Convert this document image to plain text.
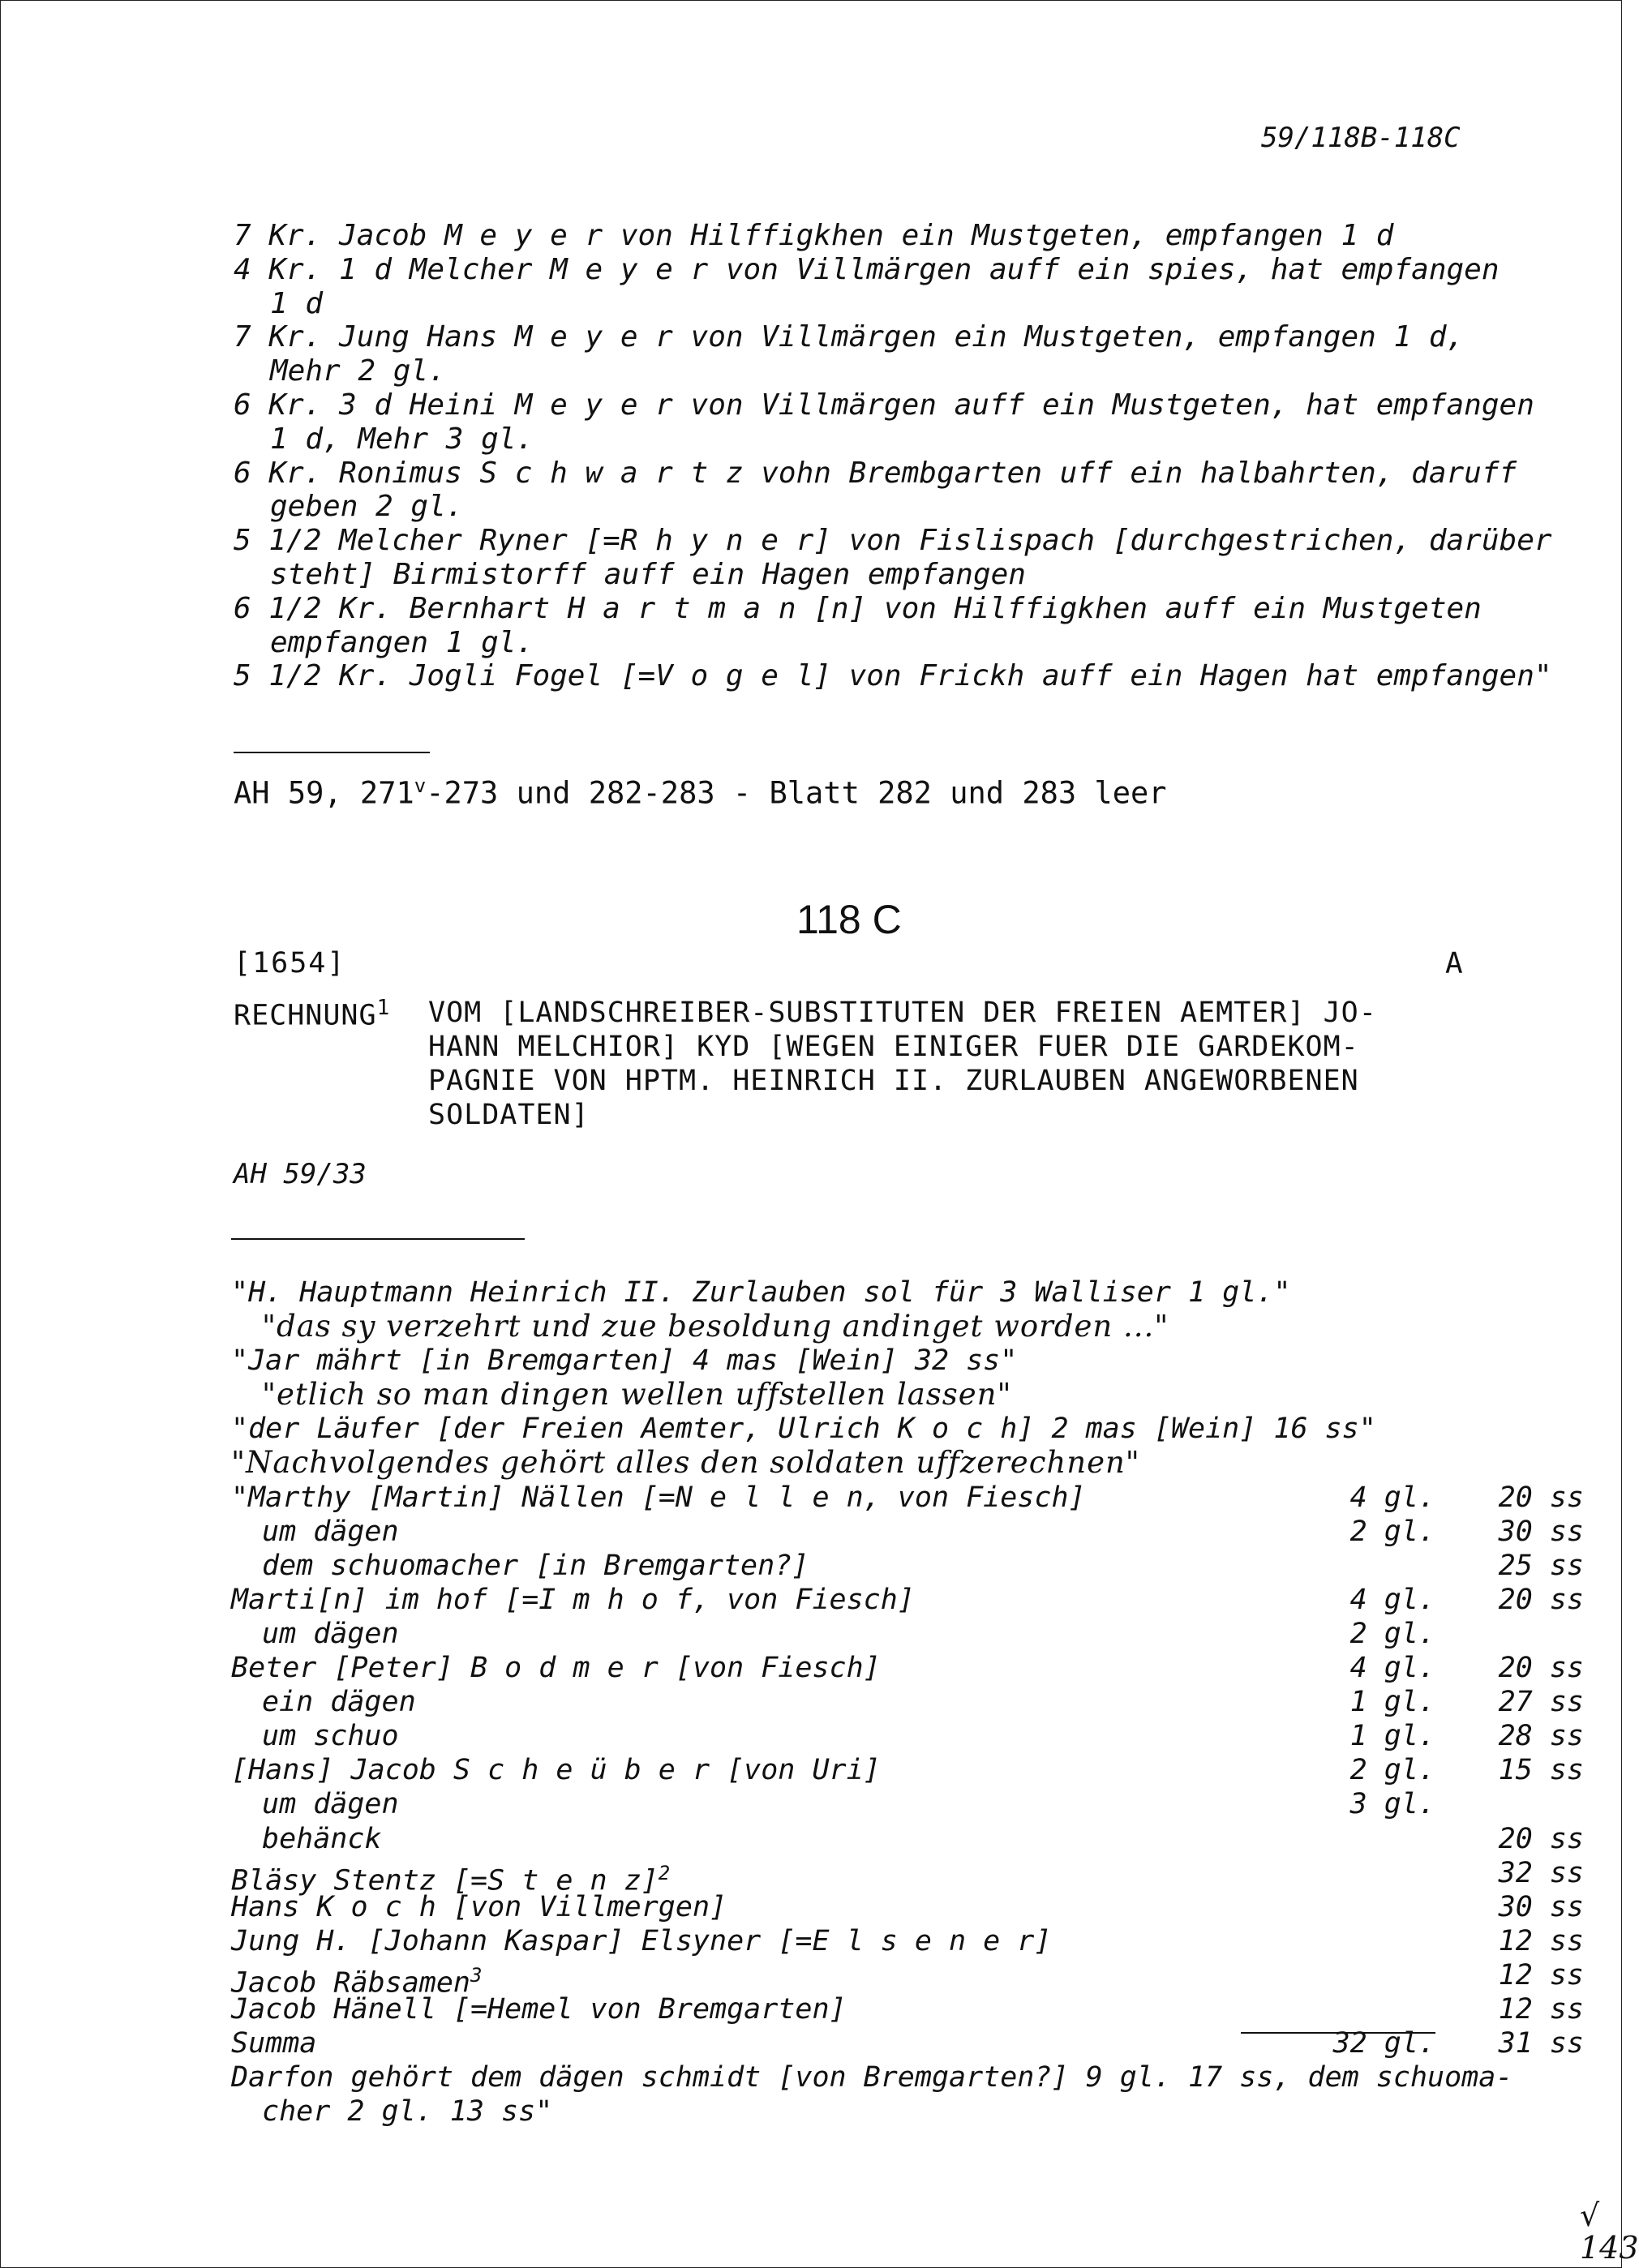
59/118B-118C
7 Kr. Jacob M e y e r von Hilffigkhen ein Mustgeten, empfangen 1 d
4 Kr. 1 d Melcher M e y e r von Villmärgen auff ein spies, hat empfangen
1 d
7 Kr. Jung Hans M e y e r von Villmärgen ein Mustgeten, empfangen 1 d,
Mehr 2 gl.
6 Kr. 3 d Heini M e y e r von Villmärgen auff ein Mustgeten, hat empfangen
1 d, Mehr 3 gl.
6 Kr. Ronimus S c h w a r t z vohn Brembgarten uff ein halbahrten, daruff
geben 2 gl.
5 1/2 Melcher Ryner [=R h y n e r] von Fislispach [durchgestrichen, darüber
steht] Birmistorff auff ein Hagen empfangen
6 1/2 Kr. Bernhart H a r t m a n [n] von Hilffigkhen auff ein Mustgeten
empfangen 1 gl.
5 1/2 Kr. Jogli Fogel [=V o g e l] von Frickh auff ein Hagen hat empfangen"
AH 59, 271$^v$-273 und 282-283 - Blatt 282 und 283 leer
118 C
[1654]	A
RECHNUNG$^1$ VOM [LANDSCHREIBER-SUBSTITUTEN DER FREIEN AEMTER] JO-
HANN MELCHIOR] KYD [WEGEN EINIGER FUER DIE GARDEKOM-
PAGNIE VON HPTM. HEINRICH II. ZURLAUBEN ANGEWORBENEN
SOLDATEN]
AH 59/33
"H. Hauptmann Heinrich II. Zurlauben sol für 3 Walliser 1 gl."
"das sy verzehrt und zue besoldung andinget worden ..."
"Jar mährt [in Bremgarten] 4 mas [Wein] 32 ss"
"etlich so man dingen wellen uffstellen lassen"
"der Läufer [der Freien Aemter, Ulrich K o c h] 2 mas [Wein] 16 ss"
"Nachvolgendes gehört alles den soldaten uffzerechnen"
"Marthy [Martin] Nällen [=N e l l e n, von Fiesch]	4 gl. 20 ss
um dägen	2 gl. 30 ss
dem schuomacher [in Bremgarten?]	25 ss
Marti[n] im hof [=I m h o f, von Fiesch]	4 gl. 20 ss
um dägen	2 gl.
Beter [Peter] B o d m e r [von Fiesch]	4 gl. 20 ss
ein dägen	1 gl. 27 ss
um schuo	1 gl. 28 ss
[Hans] Jacob S c h e ü b e r [von Uri]	2 gl. 15 ss
um dägen	3 gl.
behänck	20 ss
Bläsy Stentz [=S t e n z]$^2$	32 ss
Hans K o c h [von Villmergen]	30 ss
Jung H. [Johann Kaspar] Elsyner [=E l s e n e r]	12 ss
Jacob Räbsamen$^3$	12 ss
Jacob Hänell [=Hemel von Bremgarten]	12 ss
Summa	32 gl. 31 ss
Darfon gehört dem dägen schmidt [von Bremgarten?] 9 gl. 17 ss, dem schuoma-
cher 2 gl. 13 ss"
√
143
